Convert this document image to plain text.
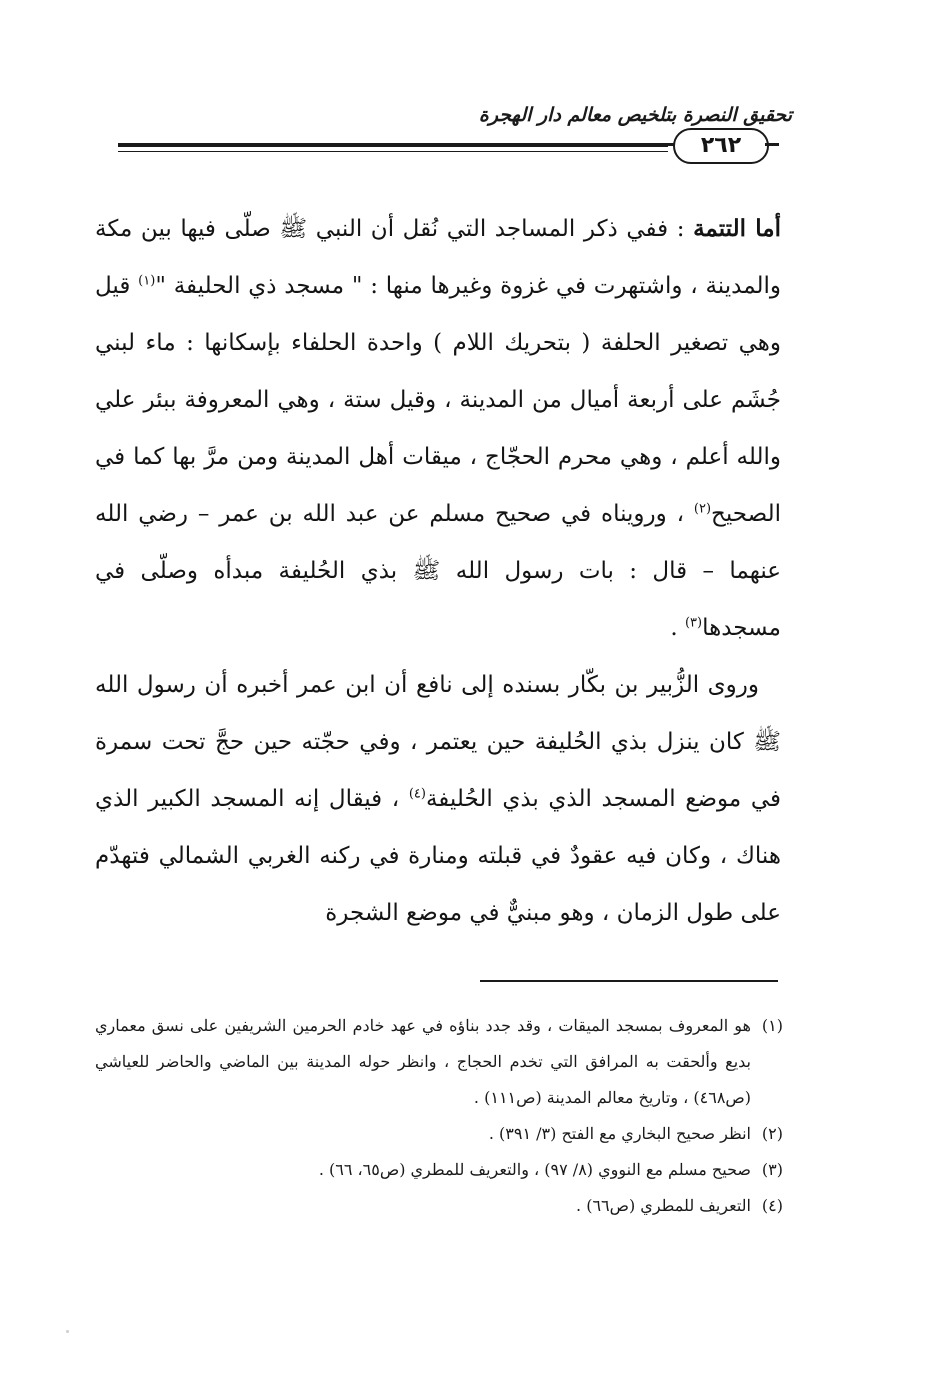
تحقيق النصرة بتلخيص معالم دار الهجرة
٢٦٢

أما التتمة : ففي ذكر المساجد التي نُقل أن النبي ﷺ صلّى فيها بين مكة والمدينة ، واشتهرت في غزوة وغيرها منها : " مسجد ذي الحليفة "$^{(١)}$ قيل وهي تصغير الحلفة ( بتحريك اللام ) واحدة الحلفاء بإسكانها : ماء لبني جُشَم على أربعة أميال من المدينة ، وقيل ستة ، وهي المعروفة ببئر علي والله أعلم ، وهي محرم الحجّاج ، ميقات أهل المدينة ومن مرَّ بها كما في الصحيح$^{(٢)}$ ، ورويناه في صحيح مسلم عن عبد الله بن عمر – رضي الله عنهما – قال : بات رسول الله ﷺ بذي الحُليفة مبدأه وصلّى في مسجدها$^{(٣)}$ .

وروى الزُّبير بن بكّار بسنده إلى نافع أن ابن عمر أخبره أن رسول الله ﷺ كان ينزل بذي الحُليفة حين يعتمر ، وفي حجّته حين حجَّ تحت سمرة في موضع المسجد الذي بذي الحُليفة$^{(٤)}$ ، فيقال إنه المسجد الكبير الذي هناك ، وكان فيه عقودٌ في قبلته ومنارة في ركنه الغربي الشمالي فتهدّم على طول الزمان ، وهو مبنيٌّ في موضع الشجرة

(١)
هو المعروف بمسجد الميقات ، وقد جدد بناؤه في عهد خادم الحرمين الشريفين على نسق معماري بديع وألحقت به المرافق التي تخدم الحجاج ، وانظر حوله المدينة بين الماضي والحاضر للعياشي (ص٤٦٨) ، وتاريخ معالم المدينة (ص١١١) .
(٢)
انظر صحيح البخاري مع الفتح (٣/ ٣٩١) .
(٣)
صحيح مسلم مع النووي (٨/ ٩٧) ، والتعريف للمطري (ص٦٥، ٦٦) .
(٤)
التعريف للمطري (ص٦٦) .
